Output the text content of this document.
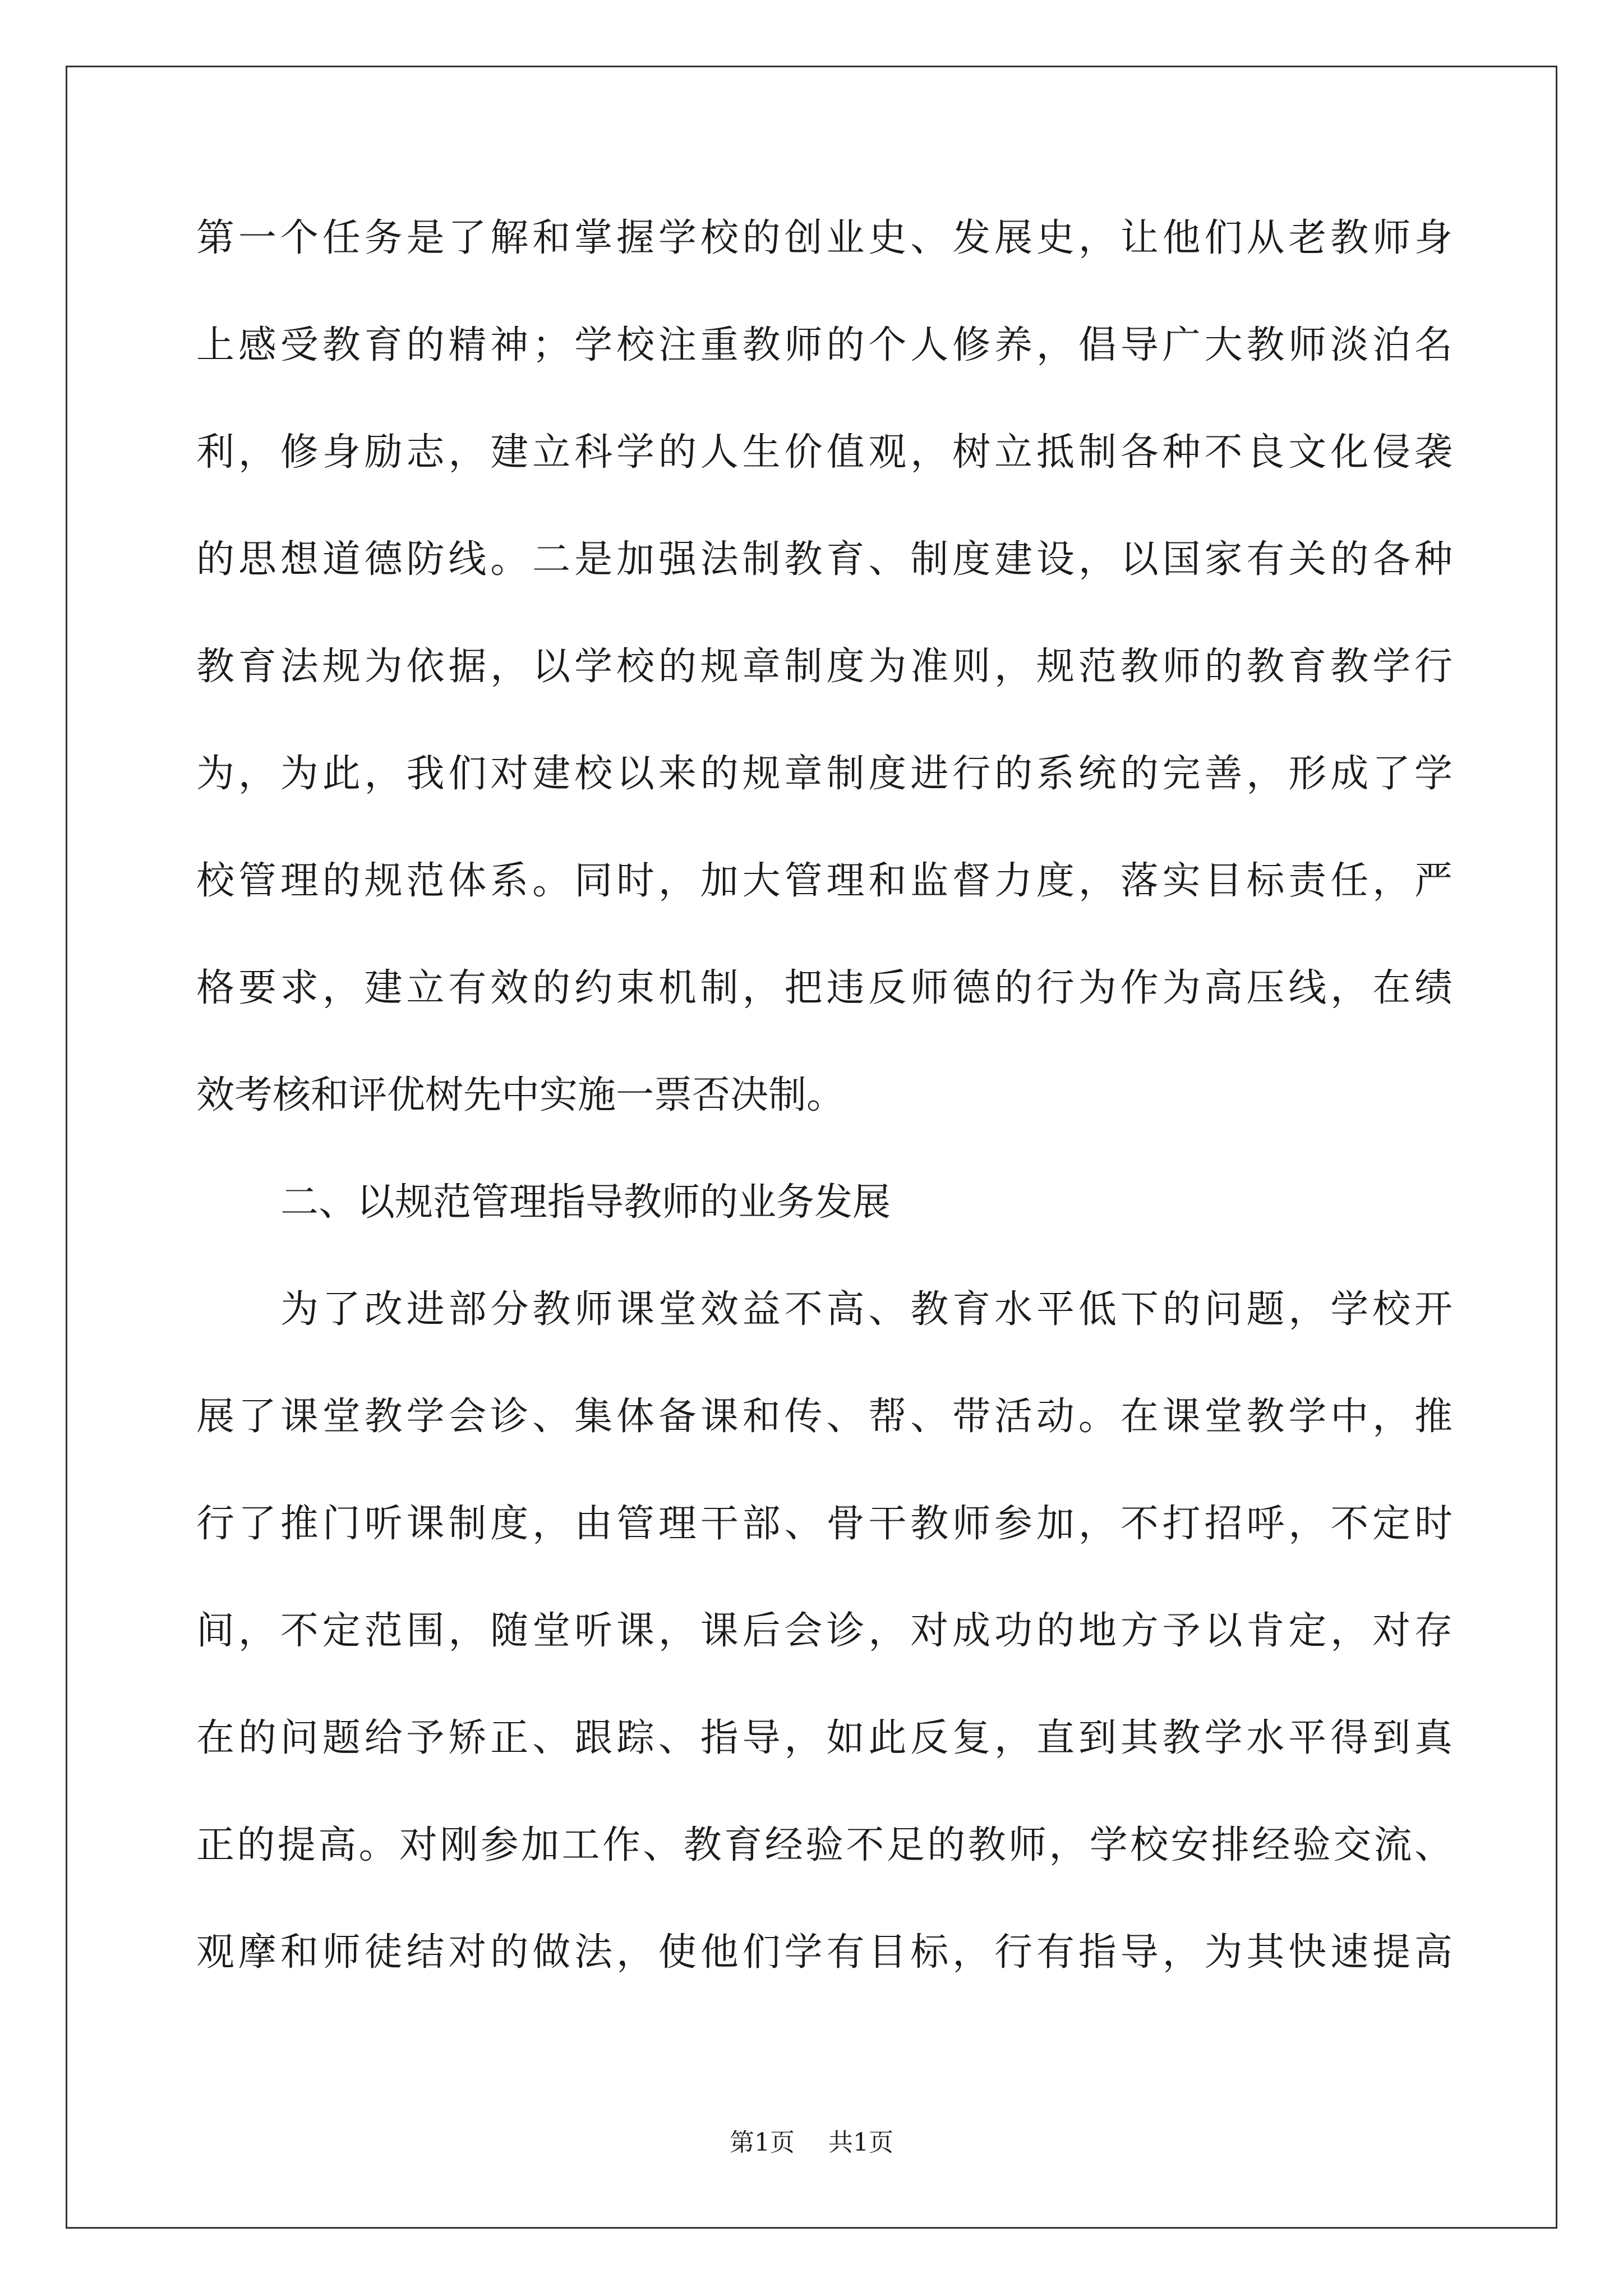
第一个任务是了解和掌握学校的创业史、发展史，让他们从老教师身
上感受教育的精神；学校注重教师的个人修养，倡导广大教师淡泊名
利，修身励志，建立科学的人生价值观，树立抵制各种不良文化侵袭
的思想道德防线。二是加强法制教育、制度建设，以国家有关的各种
教育法规为依据，以学校的规章制度为准则，规范教师的教育教学行
为，为此，我们对建校以来的规章制度进行的系统的完善，形成了学
校管理的规范体系。同时，加大管理和监督力度，落实目标责任，严
格要求，建立有效的约束机制，把违反师德的行为作为高压线，在绩
效考核和评优树先中实施一票否决制。
二、以规范管理指导教师的业务发展
为了改进部分教师课堂效益不高、教育水平低下的问题，学校开
展了课堂教学会诊、集体备课和传、帮、带活动。在课堂教学中，推
行了推门听课制度，由管理干部、骨干教师参加，不打招呼，不定时
间，不定范围，随堂听课，课后会诊，对成功的地方予以肯定，对存
在的问题给予矫正、跟踪、指导，如此反复，直到其教学水平得到真
正的提高。对刚参加工作、教育经验不足的教师，学校安排经验交流、
观摩和师徒结对的做法，使他们学有目标，行有指导，为其快速提高
第1页 共1页
